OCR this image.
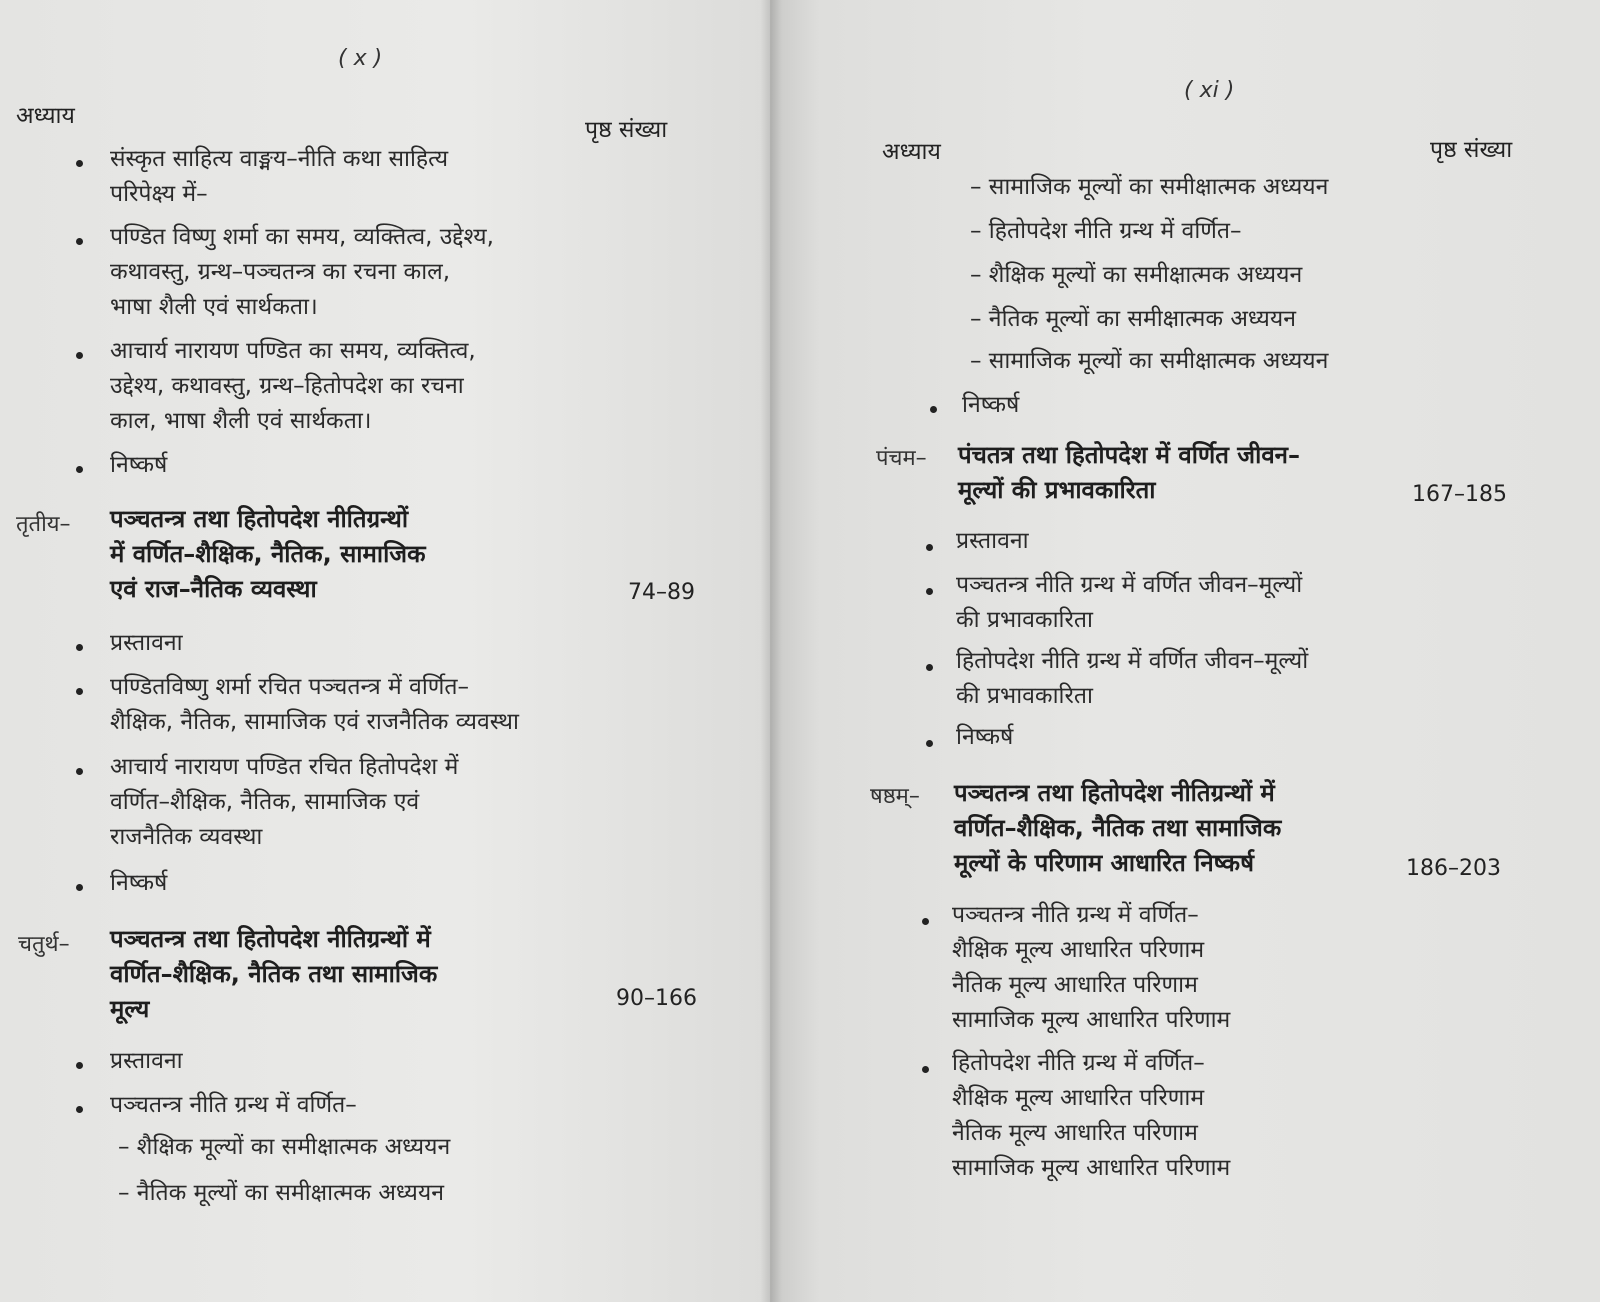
( x )
अध्याय
पृष्ठ संख्या
संस्कृत साहित्य वाङ्मय–नीति कथा साहित्य
परिपेक्ष्य में–
पण्डित विष्णु शर्मा का समय, व्यक्तित्व, उद्देश्य,
कथावस्तु, ग्रन्थ–पञ्चतन्त्र का रचना काल,
भाषा शैली एवं सार्थकता।
आचार्य नारायण पण्डित का समय, व्यक्तित्व,
उद्देश्य, कथावस्तु, ग्रन्थ–हितोपदेश का रचना
काल, भाषा शैली एवं सार्थकता।
निष्कर्ष
तृतीय– पञ्चतन्त्र तथा हितोपदेश नीतिग्रन्थों
में वर्णित–शैक्षिक, नैतिक, सामाजिक
एवं राज–नैतिक व्यवस्था	74–89
प्रस्तावना
पण्डितविष्णु शर्मा रचित पञ्चतन्त्र में वर्णित–
शैक्षिक, नैतिक, सामाजिक एवं राजनैतिक व्यवस्था
आचार्य नारायण पण्डित रचित हितोपदेश में
वर्णित–शैक्षिक, नैतिक, सामाजिक एवं
राजनैतिक व्यवस्था
निष्कर्ष
चतुर्थ– पञ्चतन्त्र तथा हितोपदेश नीतिग्रन्थों में
वर्णित–शैक्षिक, नैतिक तथा सामाजिक
मूल्य	90–166
प्रस्तावना
पञ्चतन्त्र नीति ग्रन्थ में वर्णित–
– शैक्षिक मूल्यों का समीक्षात्मक अध्ययन
– नैतिक मूल्यों का समीक्षात्मक अध्ययन
( xi )
अध्याय	पृष्ठ संख्या
– सामाजिक मूल्यों का समीक्षात्मक अध्ययन
– हितोपदेश नीति ग्रन्थ में वर्णित–
– शैक्षिक मूल्यों का समीक्षात्मक अध्ययन
– नैतिक मूल्यों का समीक्षात्मक अध्ययन
– सामाजिक मूल्यों का समीक्षात्मक अध्ययन
निष्कर्ष
पंचम– पंचतत्र तथा हितोपदेश में वर्णित जीवन–
मूल्यों की प्रभावकारिता	167–185
प्रस्तावना
पञ्चतन्त्र नीति ग्रन्थ में वर्णित जीवन–मूल्यों
की प्रभावकारिता
हितोपदेश नीति ग्रन्थ में वर्णित जीवन–मूल्यों
की प्रभावकारिता
निष्कर्ष
षष्ठम्– पञ्चतन्त्र तथा हितोपदेश नीतिग्रन्थों में
वर्णित–शैक्षिक, नैतिक तथा सामाजिक
मूल्यों के परिणाम आधारित निष्कर्ष	186–203
पञ्चतन्त्र नीति ग्रन्थ में वर्णित–
शैक्षिक मूल्य आधारित परिणाम
नैतिक मूल्य आधारित परिणाम
सामाजिक मूल्य आधारित परिणाम
हितोपदेश नीति ग्रन्थ में वर्णित–
शैक्षिक मूल्य आधारित परिणाम
नैतिक मूल्य आधारित परिणाम
सामाजिक मूल्य आधारित परिणाम
